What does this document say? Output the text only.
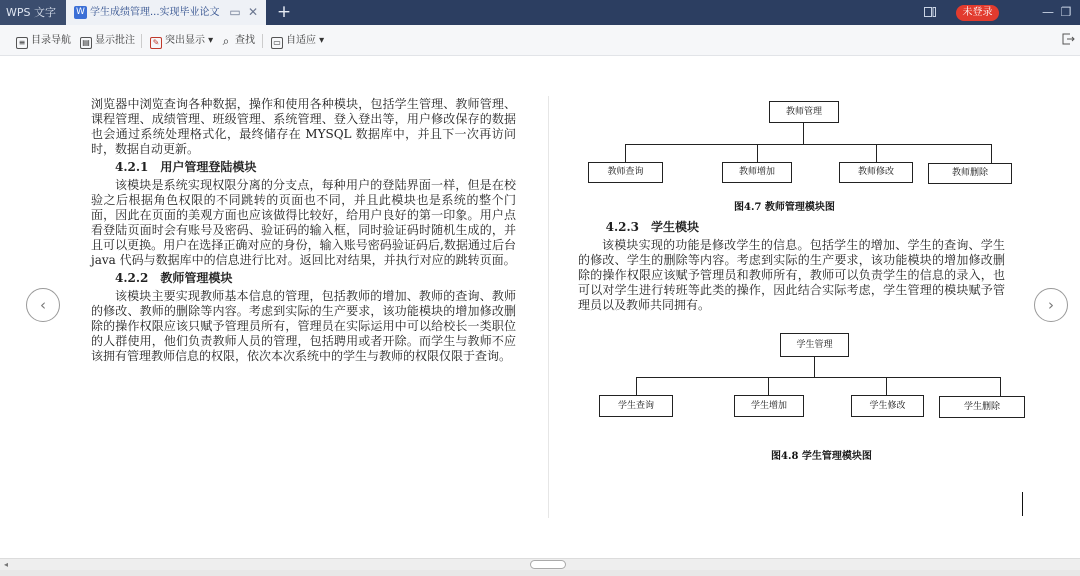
WPS 文字	W 学生成绩管理...实现毕业论文 ▭ ✕ +	未登录	— ❐
≡ 目录导航 ▤ 显示批注	✎ 突出显示 ▾ ⌕ 查找 ▭ 自适应 ▾
‹	›

浏览器中浏览查询各种数据，操作和使用各种模块，包括学生管理、教师管理、课程管理、成绩管理、班级管理、系统管理、登入登出等，用户修改保存的数据也会通过系统处理格式化，最终储存在 MYSQL 数据库中，并且下一次再访问时，数据自动更新。

4.2.1　用户管理登陆模块

该模块是系统实现权限分离的分支点，每种用户的登陆界面一样，但是在校验之后根据角色权限的不同跳转的页面也不同，并且此模块也是系统的整个门面，因此在页面的美观方面也应该做得比较好，给用户良好的第一印象。用户点看登陆页面时会有账号及密码、验证码的输入框，同时验证码时随机生成的，并且可以更换。用户在选择正确对应的身份，输入账号密码验证码后,数据通过后台 java 代码与数据库中的信息进行比对。返回比对结果，并执行对应的跳转页面。

4.2.2　教师管理模块

该模块主要实现教师基本信息的管理，包括教师的增加、教师的查询、教师的修改、教师的删除等内容。考虑到实际的生产要求，该功能模块的增加修改删除的操作权限应该只赋予管理员所有，管理员在实际运用中可以给校长一类职位的人群使用，他们负责教师人员的管理，包括聘用或者开除。而学生与教师不应该拥有管理教师信息的权限，依次本次系统中的学生与教师的权限仅限于查询。

教师管理
教师查询	教师增加	教师修改	教师删除
图4.7 教师管理模块图
4.2.3　学生模块

该模块实现的功能是修改学生的信息。包括学生的增加、学生的查询、学生的修改、学生的删除等内容。考虑到实际的生产要求，该功能模块的增加修改删除的操作权限应该赋予管理员和教师所有，教师可以负责学生的信息的录入，也可以对学生进行转班等此类的操作，因此结合实际考虑，学生管理的模块赋予管理员以及教师共同拥有。

学生管理
学生查询	学生增加	学生修改	学生删除
图4.8 学生管理模块图
◂
